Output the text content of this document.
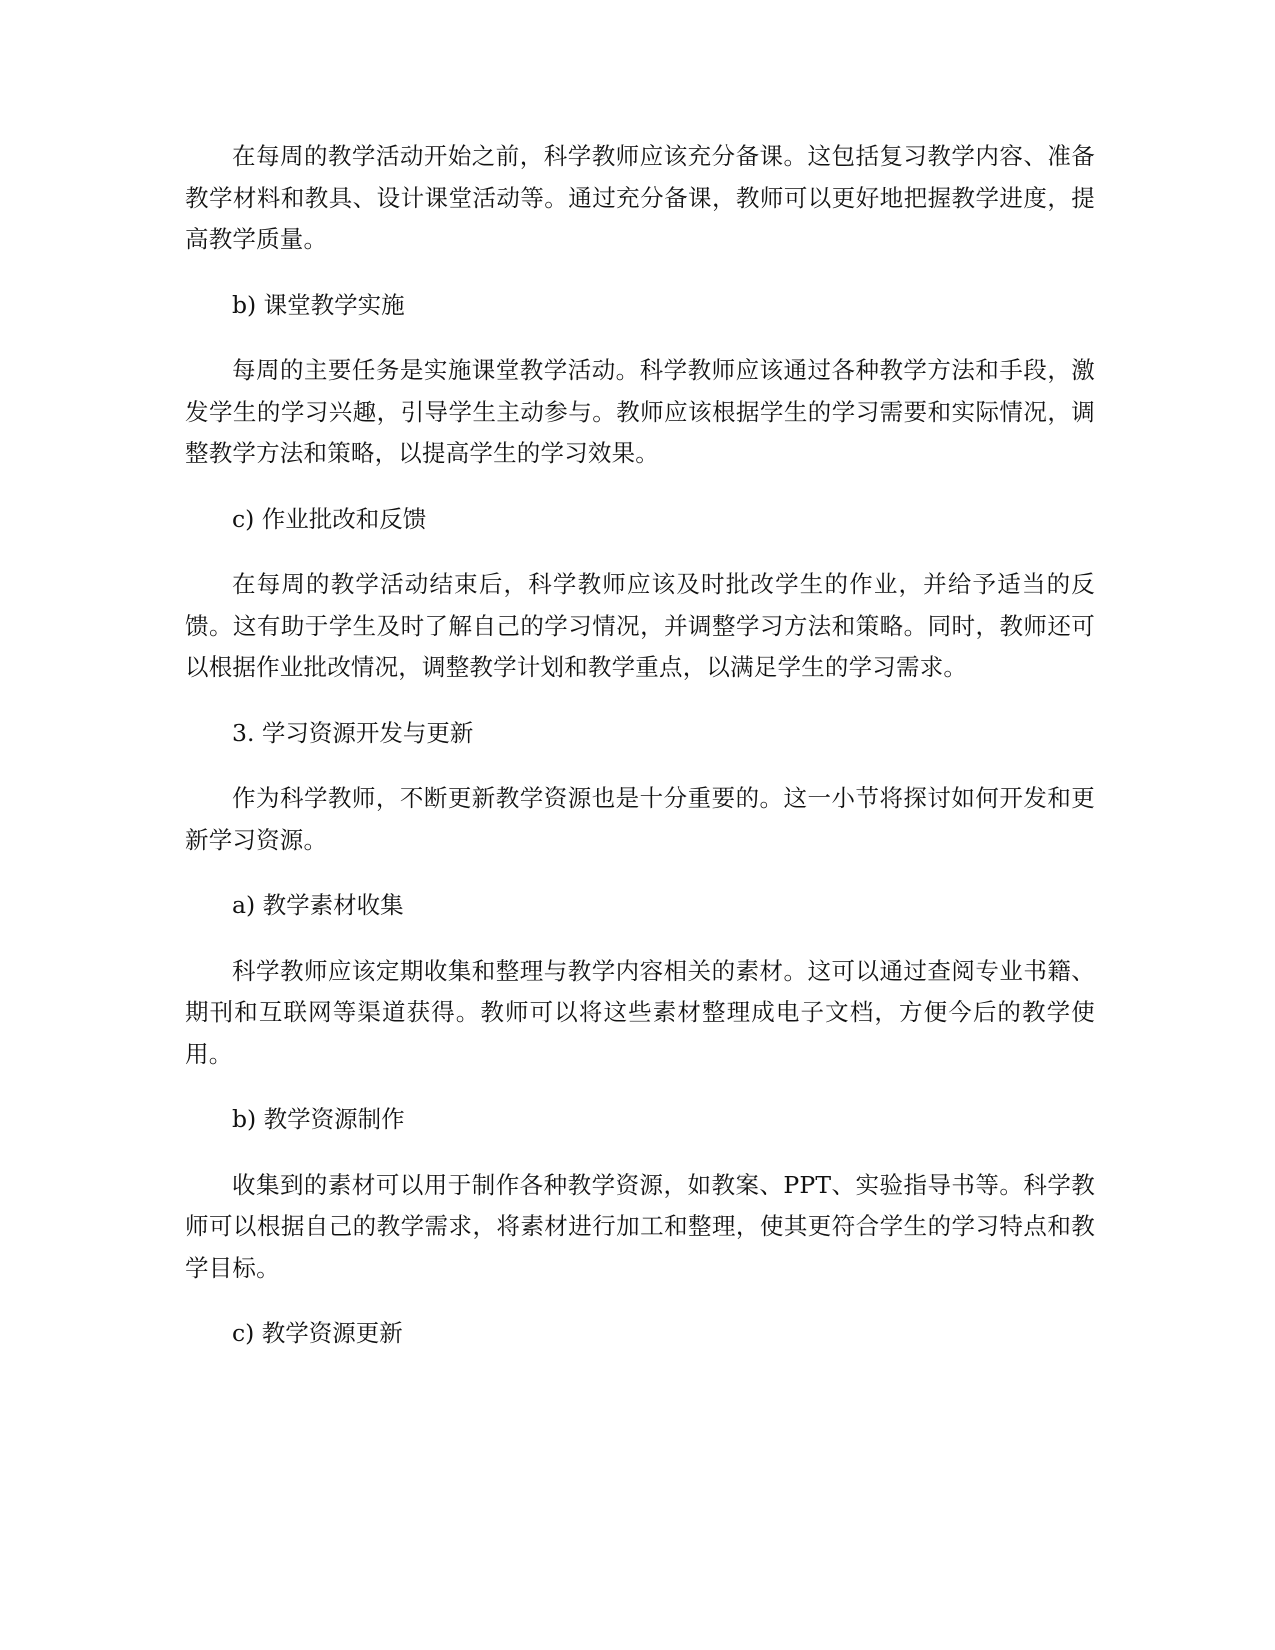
在每周的教学活动开始之前，科学教师应该充分备课。这包括复习教学内容、准备教学材料和教具、设计课堂活动等。通过充分备课，教师可以更好地把握教学进度，提高教学质量。

b) 课堂教学实施

每周的主要任务是实施课堂教学活动。科学教师应该通过各种教学方法和手段，激发学生的学习兴趣，引导学生主动参与。教师应该根据学生的学习需要和实际情况，调整教学方法和策略，以提高学生的学习效果。

c) 作业批改和反馈

在每周的教学活动结束后，科学教师应该及时批改学生的作业，并给予适当的反馈。这有助于学生及时了解自己的学习情况，并调整学习方法和策略。同时，教师还可以根据作业批改情况，调整教学计划和教学重点，以满足学生的学习需求。

3. 学习资源开发与更新

作为科学教师，不断更新教学资源也是十分重要的。这一小节将探讨如何开发和更新学习资源。

a) 教学素材收集

科学教师应该定期收集和整理与教学内容相关的素材。这可以通过查阅专业书籍、期刊和互联网等渠道获得。教师可以将这些素材整理成电子文档，方便今后的教学使用。

b) 教学资源制作

收集到的素材可以用于制作各种教学资源，如教案、PPT、实验指导书等。科学教师可以根据自己的教学需求，将素材进行加工和整理，使其更符合学生的学习特点和教学目标。

c) 教学资源更新
